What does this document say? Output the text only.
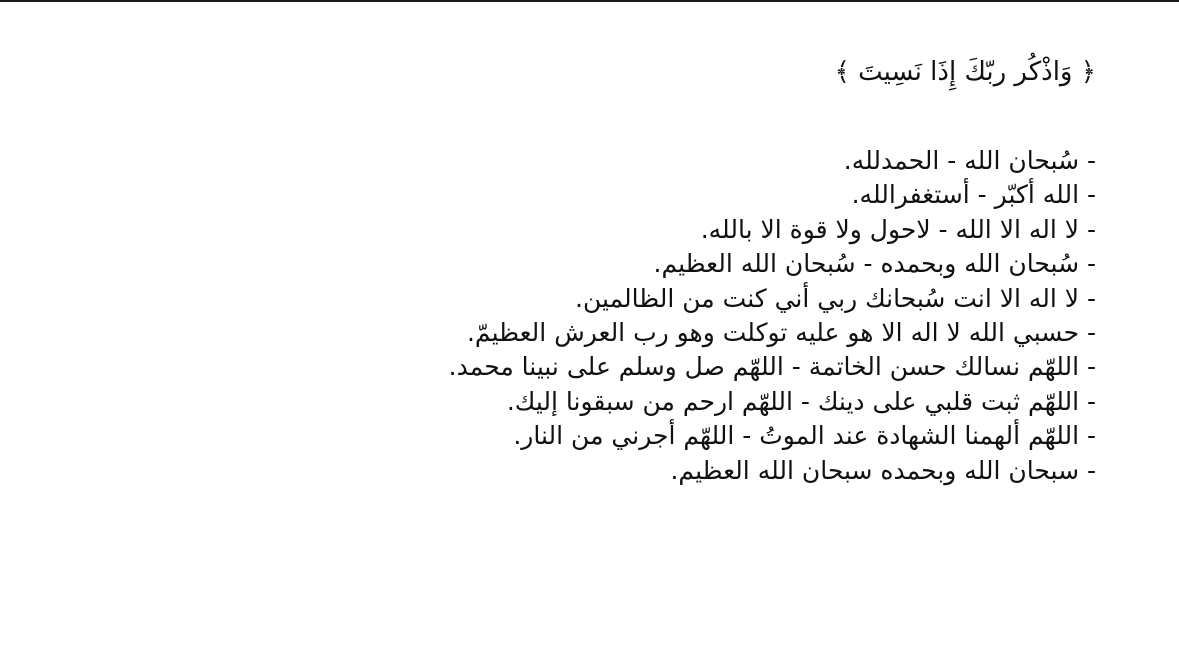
﴿ وَاذْكُر ربّكَ إِذَا نَسِيتَ ﴾
- سُبحان الله - الحمدلله.
- الله أكبّر - أستغفرالله.
- لا اله الا الله - لاحول ولا قوة الا بالله.
- سُبحان الله وبحمده - سُبحان الله العظيم.
- لا اله الا انت سُبحانك ربي أني كنت من الظالمين.
- حسبي الله لا اله الا هو عليه توكلت وهو رب العرش العظيمّ.
- اللهّم نسالك حسن الخاتمة - اللهّم صل وسلم على نبينا محمد.
- اللهّم ثبت قلبي على دينك - اللهّم ارحم من سبقونا إليك.
- اللهّم ألهمنا الشهادة عند الموتُ - اللهّم أجرني من النار.
- سبحان الله وبحمده سبحان الله العظيم.
